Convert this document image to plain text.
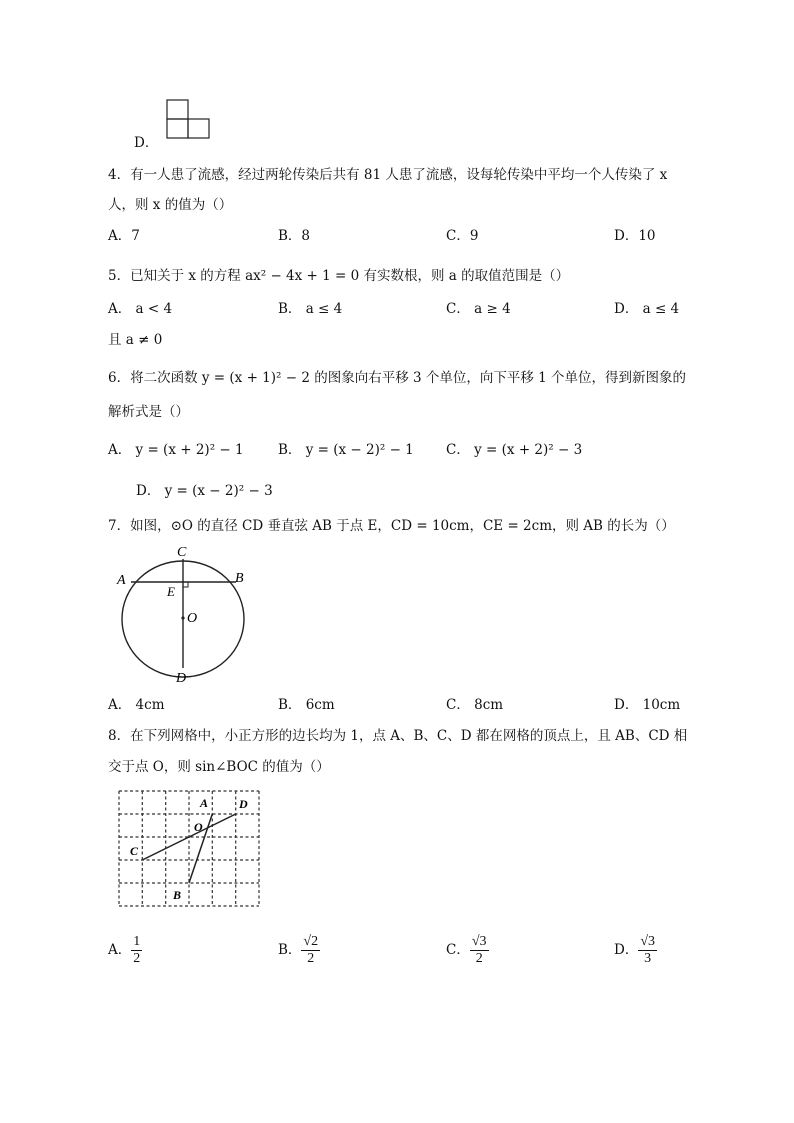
D．
4．有一人患了流感，经过两轮传染后共有 81 人患了流感，设每轮传染中平均一个人传染了 x
人，则 x 的值为（）
A．7	B．8	C．9	D．10
5．已知关于 x 的方程 ax² − 4x + 1 = 0 有实数根，则 a 的取值范围是（）
A． a < 4	B． a ≤ 4	C． a ≥ 4	D． a ≤ 4
且 a ≠ 0
6．将二次函数 y = (x + 1)² − 2 的图象向右平移 3 个单位，向下平移 1 个单位，得到新图象的
解析式是（）
A． y = (x + 2)² − 1	B． y = (x − 2)² − 1 C． y = (x + 2)² − 3
D． y = (x − 2)² − 3
7．如图，⊙O 的直径 CD 垂直弦 AB 于点 E，CD = 10cm，CE = 2cm，则 AB 的长为（）
C
A	B
E
O
D
A． 4cm	B． 6cm	C． 8cm	D． 10cm
8．在下列网格中，小正方形的边长均为 1，点 A、B、C、D 都在网格的顶点上，且 AB、CD 相
交于点 O，则 sin∠BOC 的值为（）
A	D
O
C
B
A． $\frac{1}{2}$	B． $\frac{√2}{2}$	C． $\frac{√3}{2}$	D． $\frac{√3}{3}$
